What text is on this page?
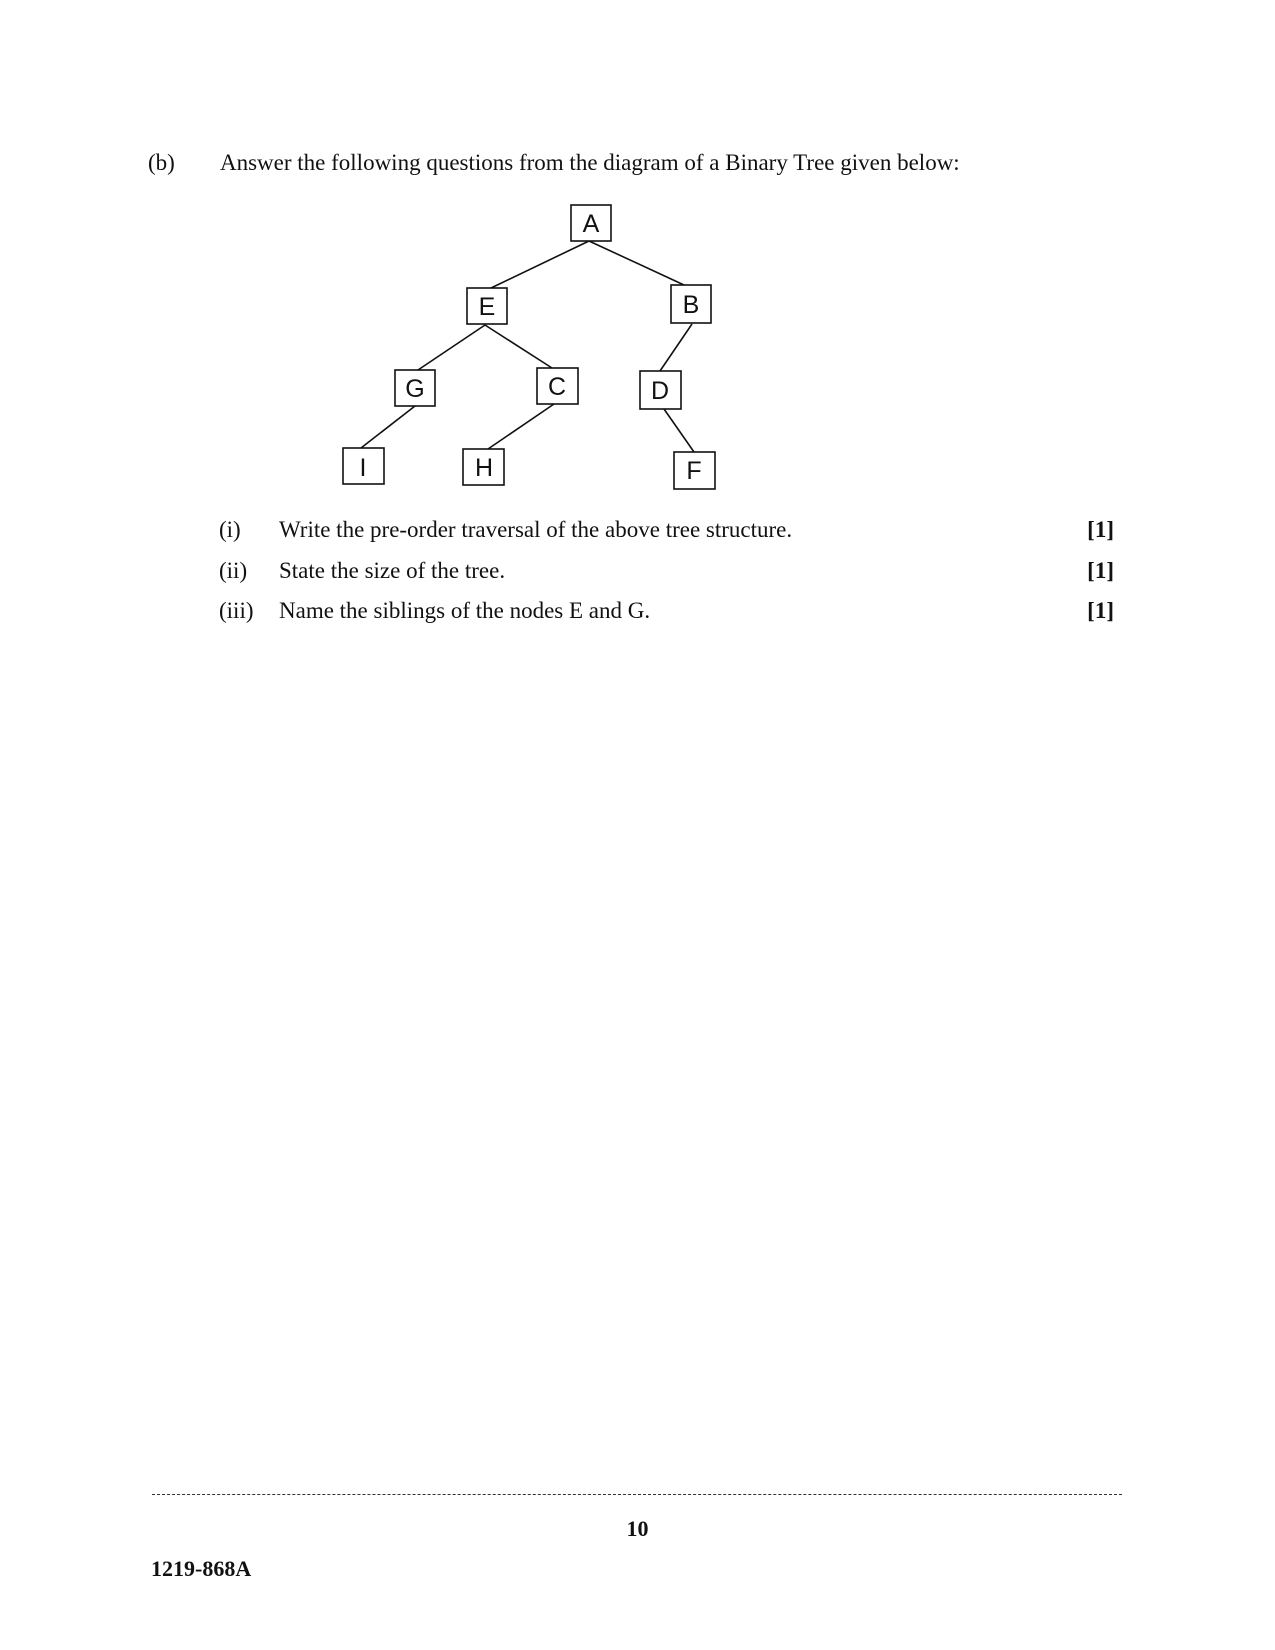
(b) Answer the following questions from the diagram of a Binary Tree given below:
A
E	B
G	C	D
I	H	F
(i) Write the pre-order traversal of the above tree structure.	[1]
(ii) State the size of the tree.	[1]
(iii) Name the siblings of the nodes E and G.	[1]
10
1219-868A
